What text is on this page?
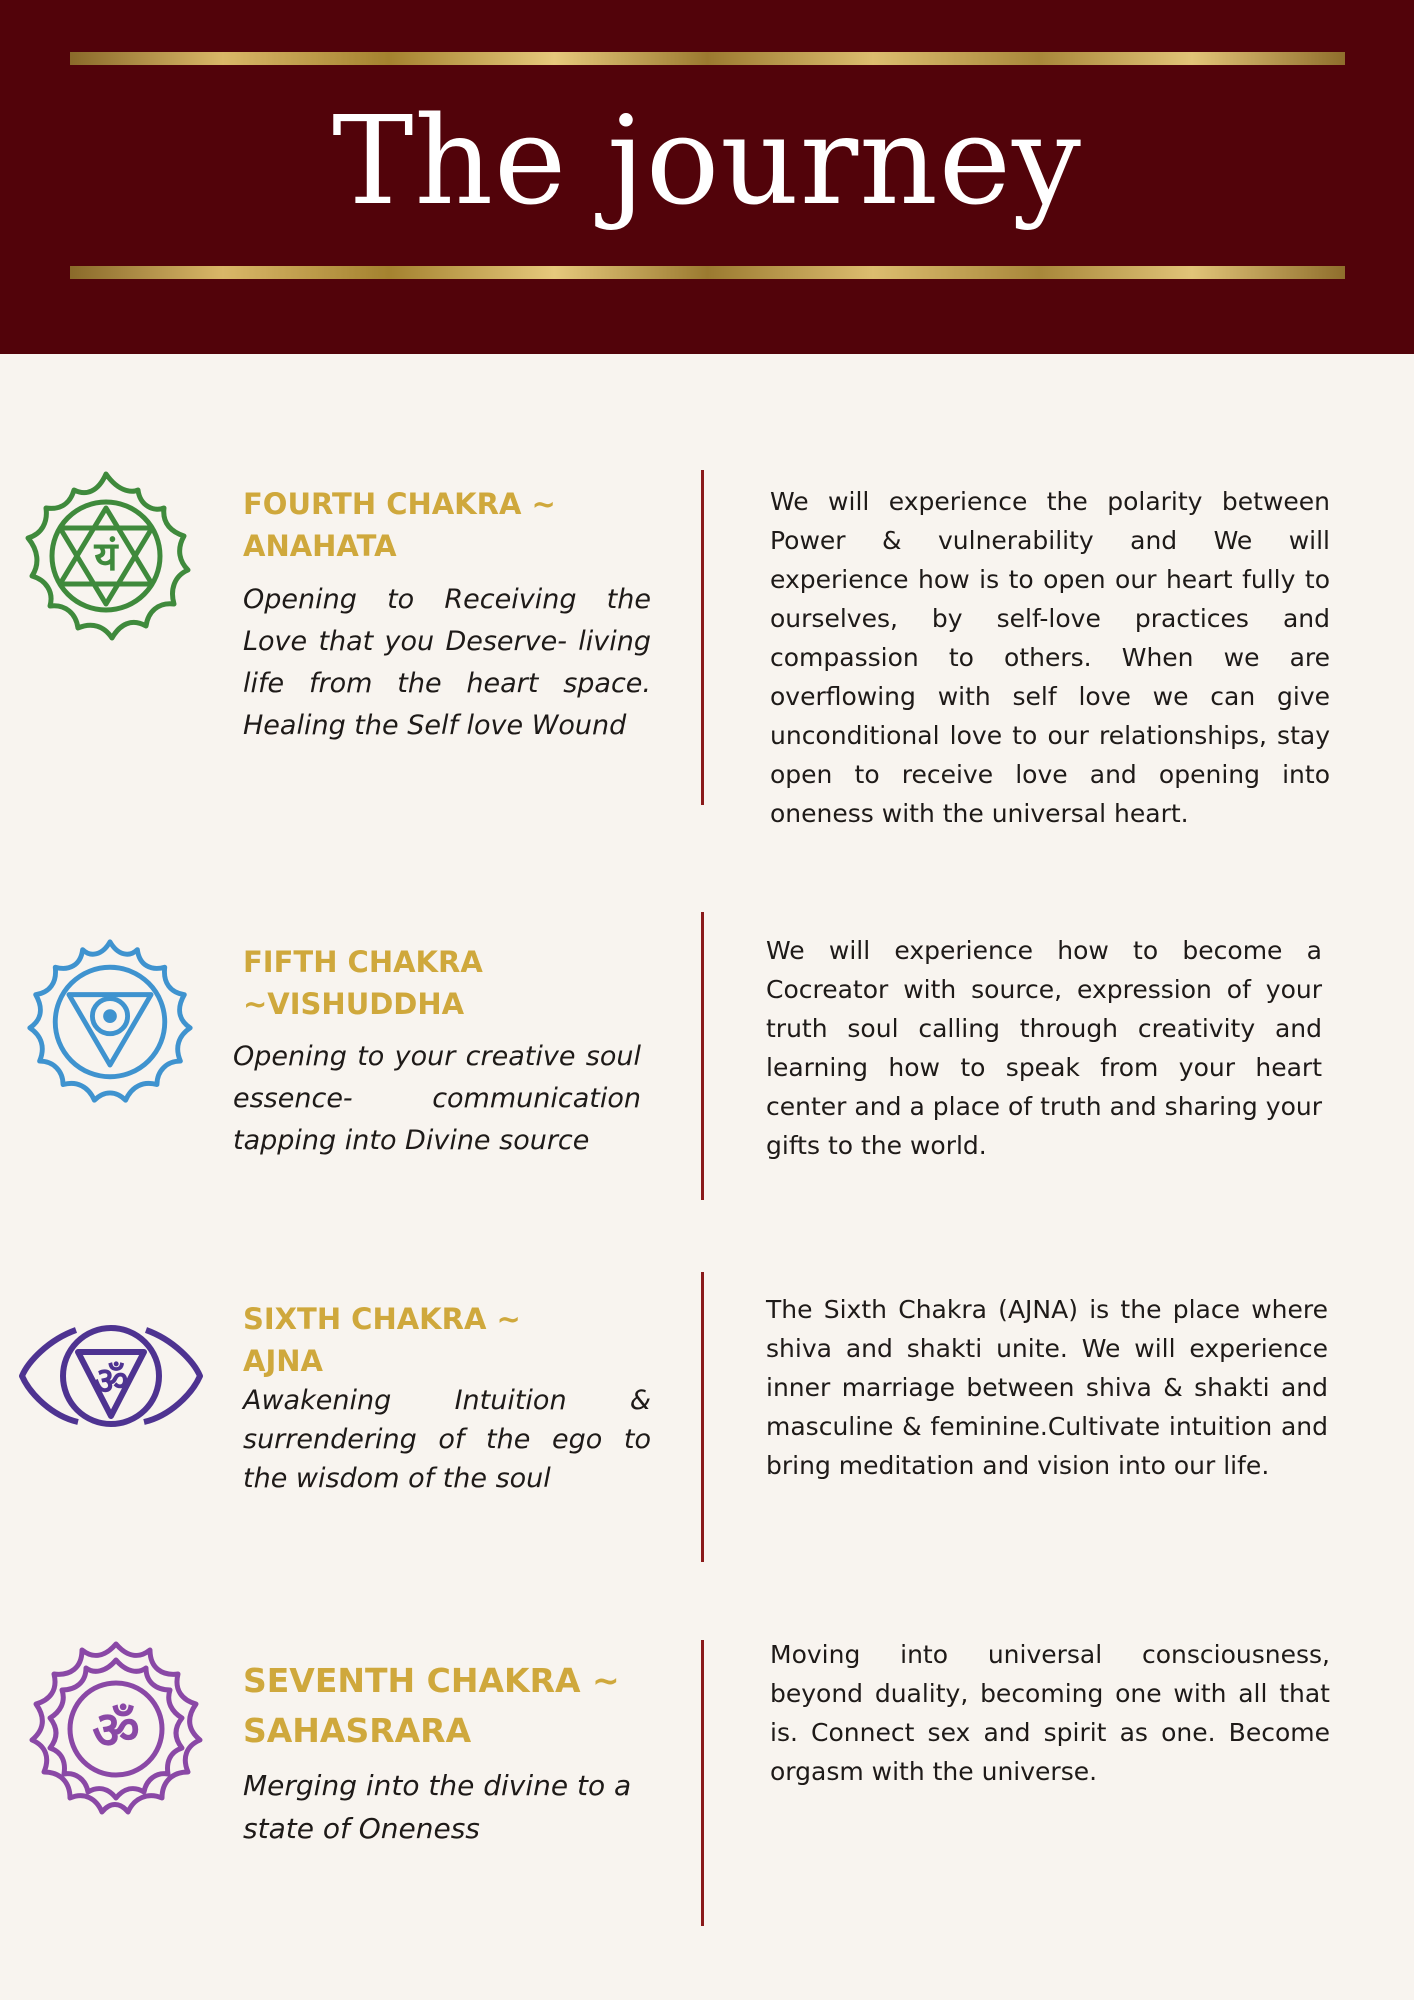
The journey
यं
FOURTH CHAKRA ~
ANAHATA
Opening to Receiving the Love that you Deserve- living life from the heart space. Healing the Self love Wound
We will experience the polarity between Power & vulnerability and We will experience how is to open our heart fully to ourselves, by self-love practices and compassion to others. When we are overflowing with self love we can give unconditional love to our relationships, stay open to receive love and opening into oneness with the universal heart.
FIFTH CHAKRA
~VISHUDDHA
Opening to your creative soul essence- communication tapping into Divine source
We will experience how to become a Cocreator with source, expression of your truth soul calling through creativity and learning how to speak from your heart center and a place of truth and sharing your gifts to the world.
ॐ
SIXTH CHAKRA ~
AJNA
Awakening Intuition & surrendering of the ego to the wisdom of the soul
The Sixth Chakra (AJNA) is the place where shiva and shakti unite. We will experience inner marriage between shiva & shakti and masculine & feminine.Cultivate intuition and bring meditation and vision into our life.
ॐ
SEVENTH CHAKRA ~
SAHASRARA
Merging into the divine to a state of Oneness
Moving into universal consciousness, beyond duality, becoming one with all that is. Connect sex and spirit as one. Become orgasm with the universe.
